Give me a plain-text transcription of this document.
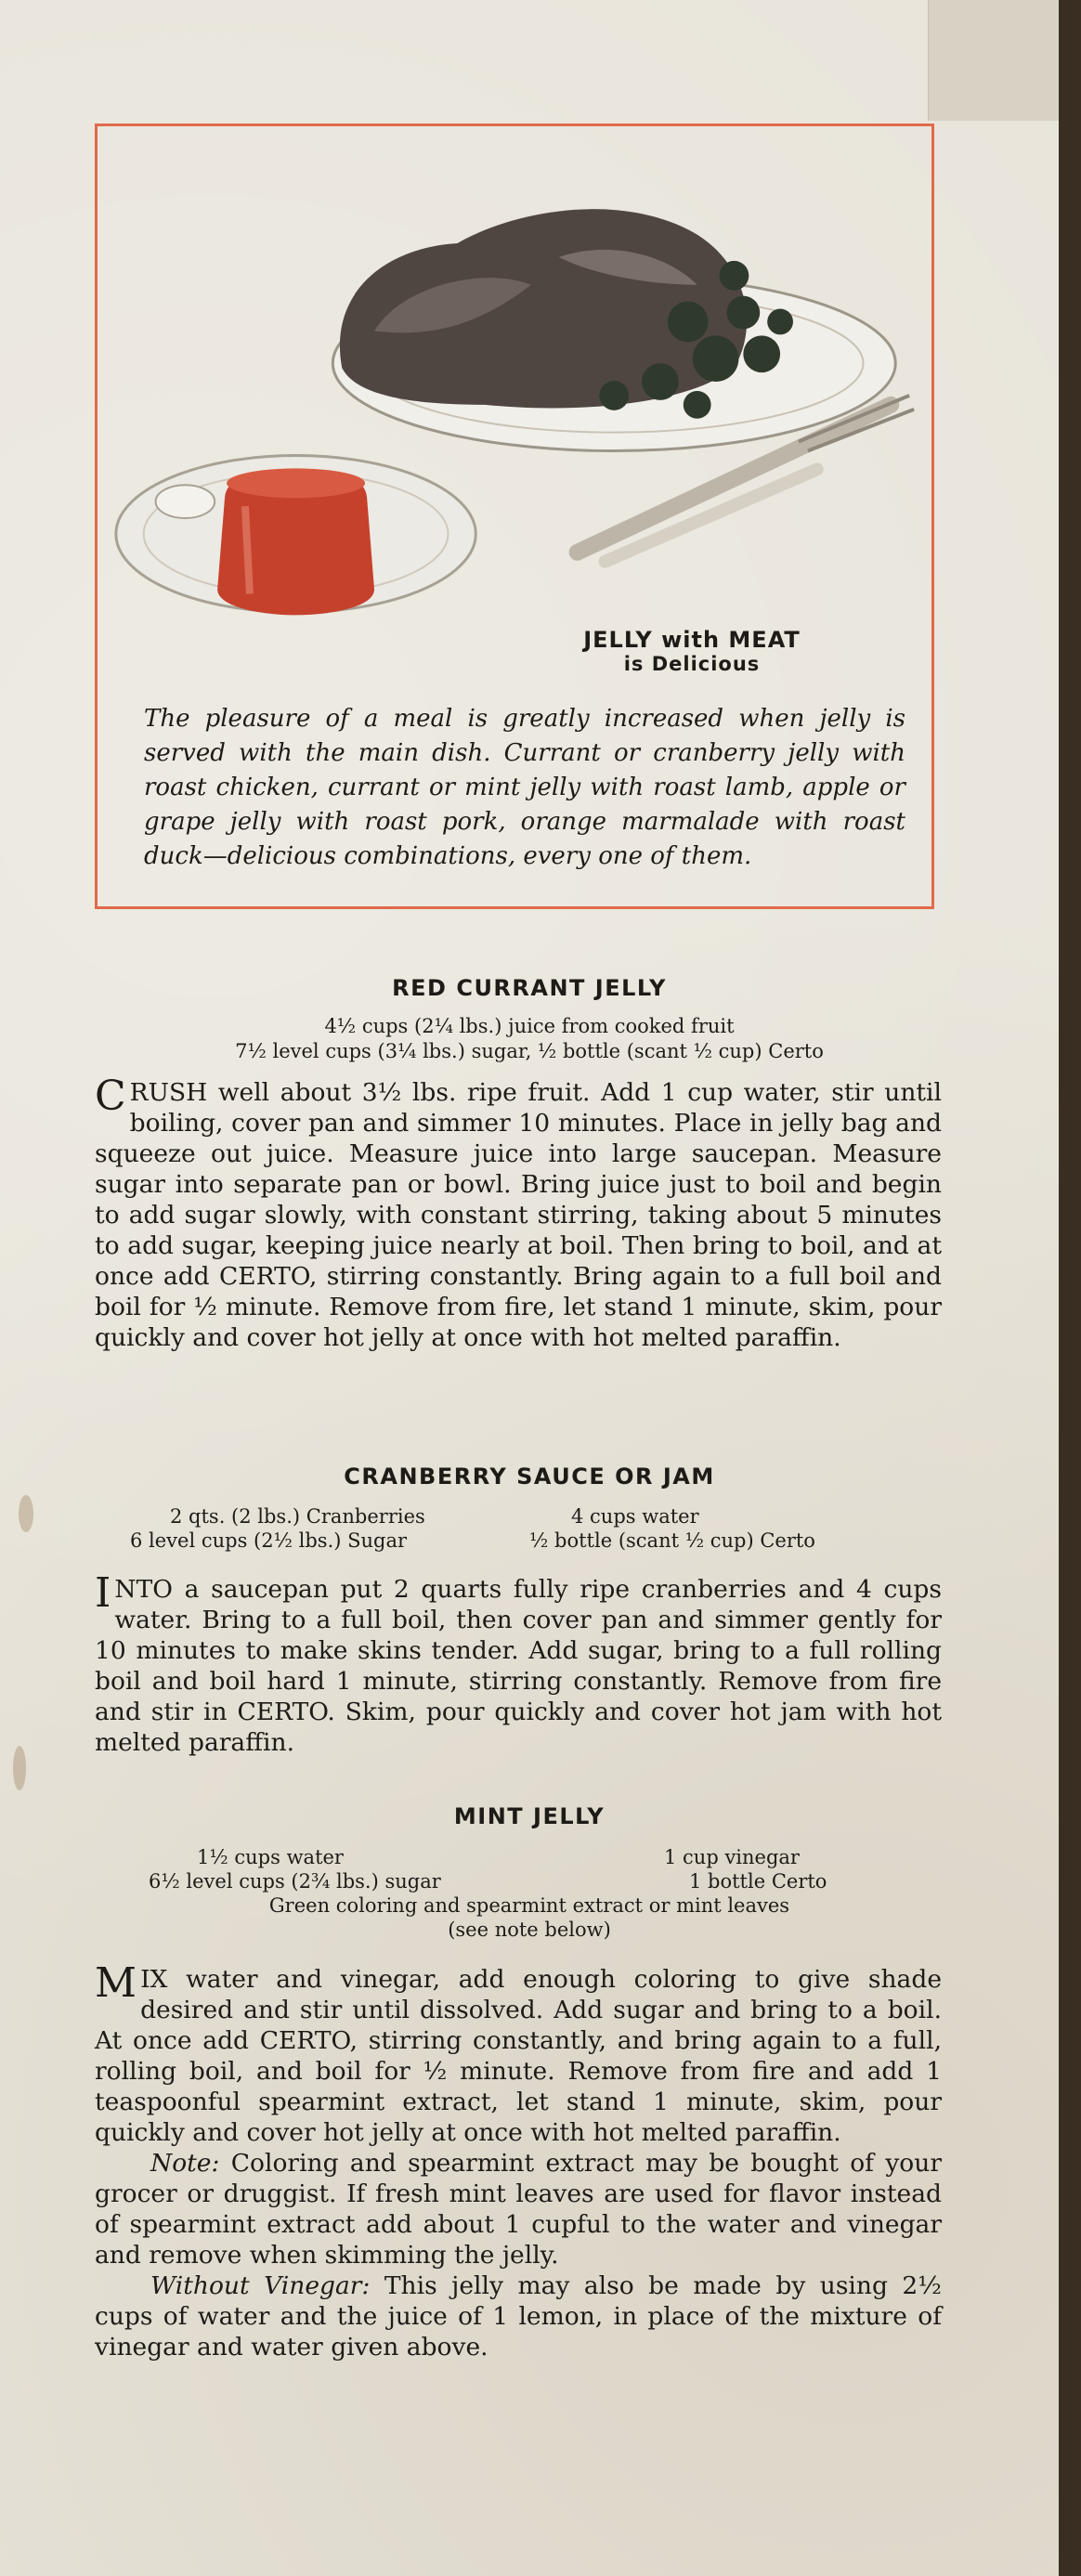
JELLY with MEAT
is Delicious
The pleasure of a meal is greatly increased when jelly is served with the main dish. Currant or cranberry jelly with roast chicken, currant or mint jelly with roast lamb, apple or grape jelly with roast pork, orange marmalade with roast duck—delicious combinations, every one of them.
RED CURRANT JELLY
4½ cups (2¼ lbs.) juice from cooked fruit
7½ level cups (3¼ lbs.) sugar, ½ bottle (scant ½ cup) Certo
CRUSH well about 3½ lbs. ripe fruit. Add 1 cup water, stir until boiling, cover pan and simmer 10 minutes. Place in jelly bag and squeeze out juice. Measure juice into large saucepan. Measure sugar into separate pan or bowl. Bring juice just to boil and begin to add sugar slowly, with constant stirring, taking about 5 minutes to add sugar, keeping juice nearly at boil. Then bring to boil, and at once add CERTO, stirring constantly. Bring again to a full boil and boil for ½ minute. Remove from fire, let stand 1 minute, skim, pour quickly and cover hot jelly at once with hot melted paraffin.
CRANBERRY SAUCE OR JAM
2 qts. (2 lbs.) Cranberries	4 cups water
6 level cups (2½ lbs.) Sugar	½ bottle (scant ½ cup) Certo
INTO a saucepan put 2 quarts fully ripe cranberries and 4 cups water. Bring to a full boil, then cover pan and simmer gently for 10 minutes to make skins tender. Add sugar, bring to a full rolling boil and boil hard 1 minute, stirring constantly. Remove from fire and stir in CERTO. Skim, pour quickly and cover hot jam with hot melted paraffin.
MINT JELLY
1½ cups water	1 cup vinegar
6½ level cups (2¾ lbs.) sugar	1 bottle Certo
Green coloring and spearmint extract or mint leaves
(see note below)
MIX water and vinegar, add enough coloring to give shade desired and stir until dissolved. Add sugar and bring to a boil. At once add CERTO, stirring constantly, and bring again to a full, rolling boil, and boil for ½ minute. Remove from fire and add 1 teaspoonful spearmint extract, let stand 1 minute, skim, pour quickly and cover hot jelly at once with hot melted paraffin.
Note: Coloring and spearmint extract may be bought of your grocer or druggist. If fresh mint leaves are used for flavor instead of spearmint extract add about 1 cupful to the water and vinegar and remove when skimming the jelly.
Without Vinegar: This jelly may also be made by using 2½ cups of water and the juice of 1 lemon, in place of the mixture of vinegar and water given above.
